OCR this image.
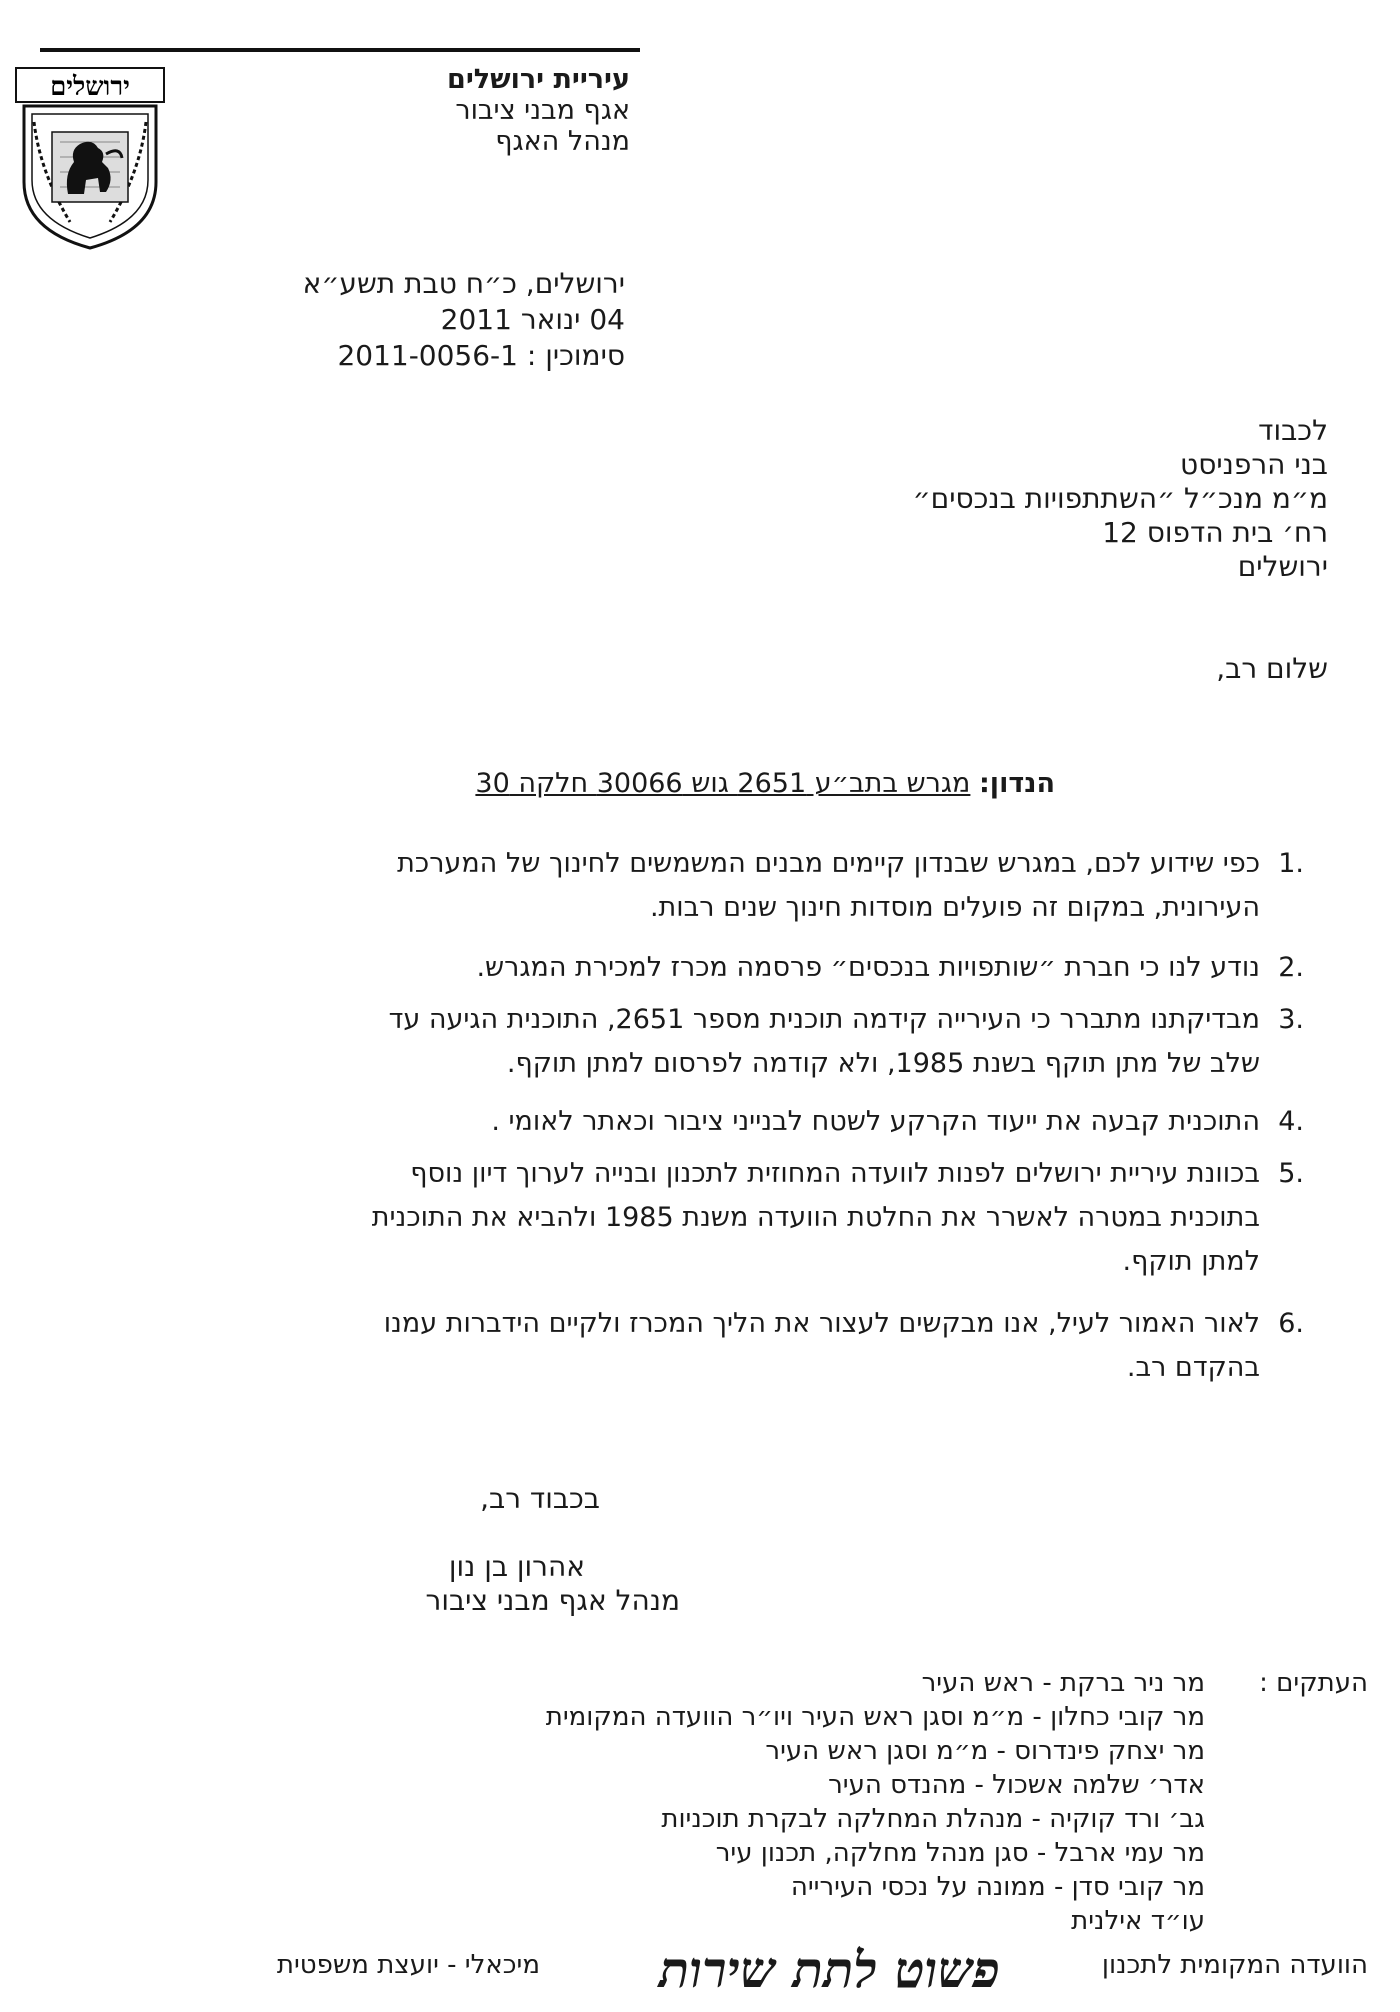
ירושלים	עיריית ירושלים
אגף מבני ציבור
מנהל האגף
ירושלים, כ״ח טבת תשע״א
04 ינואר 2011
סימוכין : 2011-0056-1
לכבוד
בני הרפניסט
מ״מ מנכ״ל ״השתתפויות בנכסים״
רח׳ בית הדפוס 12
ירושלים
שלום רב,
הנדון: מגרש בתב״ע 2651 גוש 30066 חלקה 30
.1
כפי שידוע לכם, במגרש שבנדון קיימים מבנים המשמשים לחינוך של המערכת
העירונית, במקום זה פועלים מוסדות חינוך שנים רבות.
.2
נודע לנו כי חברת ״שותפויות בנכסים״ פרסמה מכרז למכירת המגרש.
.3
מבדיקתנו מתברר כי העירייה קידמה תוכנית מספר 2651, התוכנית הגיעה עד
שלב של מתן תוקף בשנת 1985, ולא קודמה לפרסום למתן תוקף.
.4
התוכנית קבעה את ייעוד הקרקע לשטח לבנייני ציבור וכאתר לאומי .
.5
בכוונת עיריית ירושלים לפנות לוועדה המחוזית לתכנון ובנייה לערוך דיון נוסף
בתוכנית במטרה לאשרר את החלטת הוועדה משנת 1985 ולהביא את התוכנית
למתן תוקף.
.6
לאור האמור לעיל, אנו מבקשים לעצור את הליך המכרז ולקיים הידברות עמנו
בהקדם רב.
בכבוד רב,
אהרון בן נון
מנהל אגף מבני ציבור
העתקים :
מר ניר ברקת - ראש העיר
מר קובי כחלון - מ״מ וסגן ראש העיר ויו״ר הוועדה המקומית
מר יצחק פינדרוס - מ״מ וסגן ראש העיר
אדר׳ שלמה אשכול - מהנדס העיר
גב׳ ורד קוקיה - מנהלת המחלקה לבקרת תוכניות
מר עמי ארבל - סגן מנהל מחלקה, תכנון עיר
מר קובי סדן - ממונה על נכסי העירייה
עו״ד אילנית
מיכאלי - יועצת משפטית	הוועדה המקומית לתכנון
פשוט לתת שירות
